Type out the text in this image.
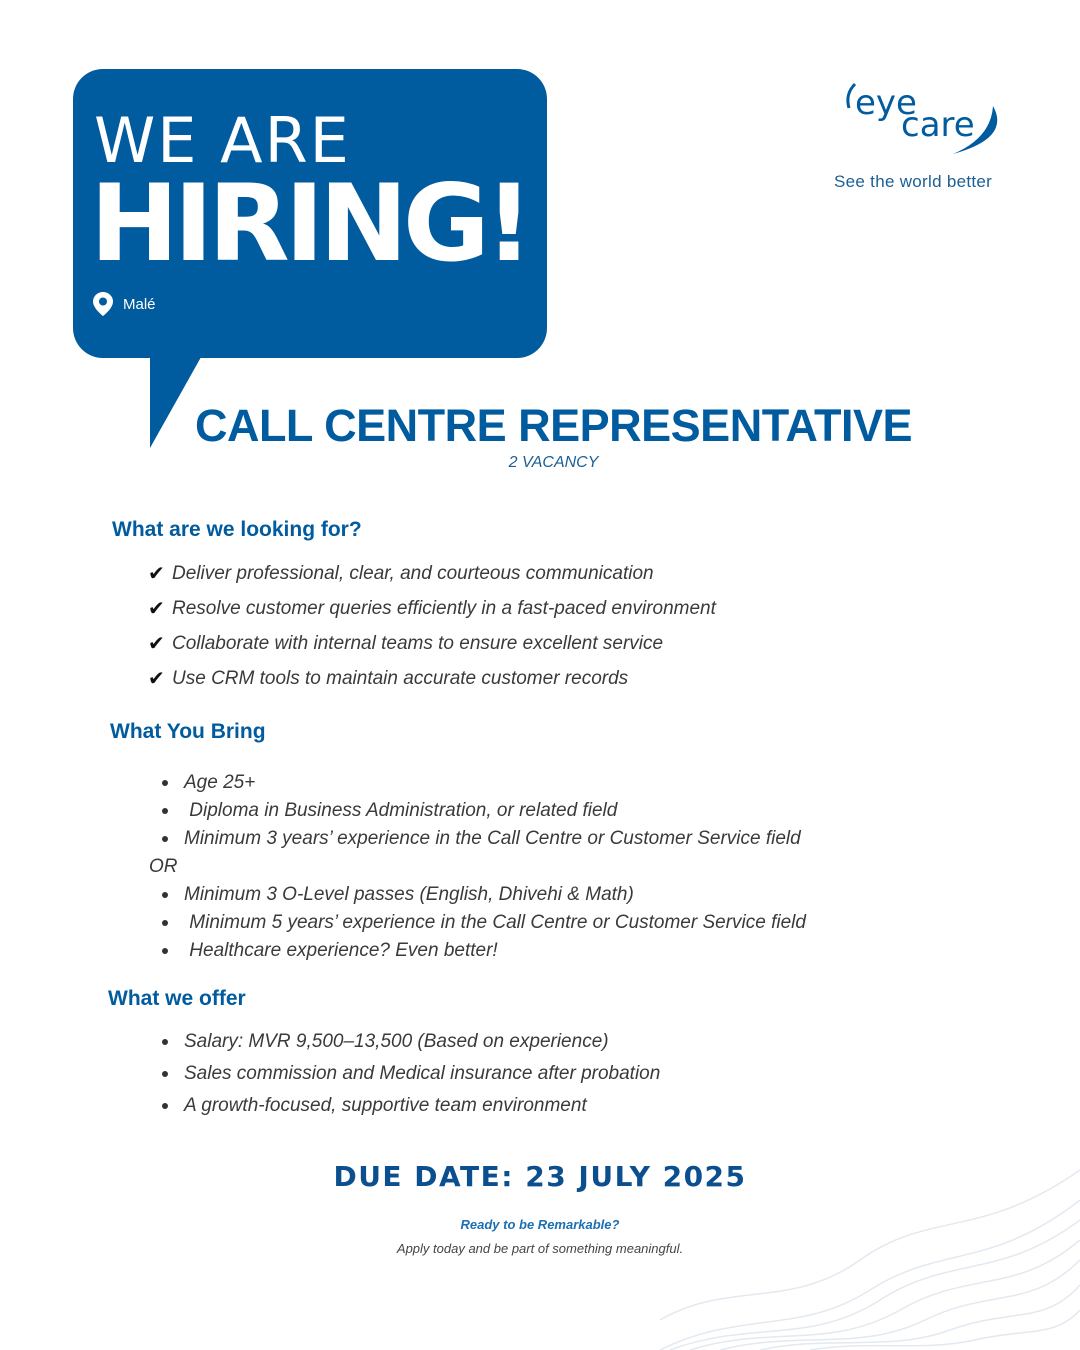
WE ARE
HIRING!
Malé
eye
care
See the world better
CALL CENTRE REPRESENTATIVE
2 VACANCY
What are we looking for?
✔ Deliver professional, clear, and courteous communication
✔ Resolve customer queries efficiently in a fast-paced environment
✔ Collaborate with internal teams to ensure excellent service
✔ Use CRM tools to maintain accurate customer records
What You Bring
Age 25+
Diploma in Business Administration, or related field
Minimum 3 years’ experience in the Call Centre or Customer Service field
OR
Minimum 3 O-Level passes (English, Dhivehi & Math)
Minimum 5 years’ experience in the Call Centre or Customer Service field
Healthcare experience? Even better!
What we offer
Salary: MVR 9,500–13,500 (Based on experience)
Sales commission and Medical insurance after probation
A growth-focused, supportive team environment
DUE DATE: 23 JULY 2025
Ready to be Remarkable?
Apply today and be part of something meaningful.
